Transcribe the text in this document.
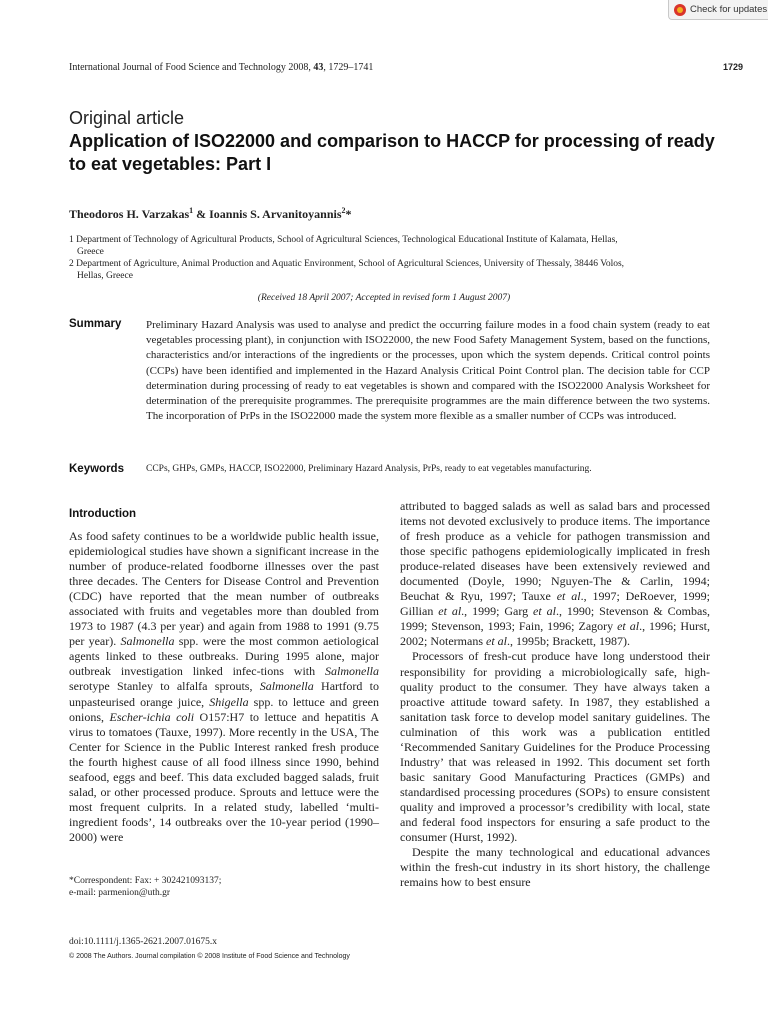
Check for updates
International Journal of Food Science and Technology 2008, 43, 1729–1741	1729
Original article
Application of ISO22000 and comparison to HACCP for processing of ready to eat vegetables: Part I
Theodoros H. Varzakas$^1$ & Ioannis S. Arvanitoyannis$^2$*
1 Department of Technology of Agricultural Products, School of Agricultural Sciences, Technological Educational Institute of Kalamata, Hellas,
Greece
2 Department of Agriculture, Animal Production and Aquatic Environment, School of Agricultural Sciences, University of Thessaly, 38446 Volos,
Hellas, Greece
(Received 18 April 2007; Accepted in revised form 1 August 2007)
Summary Preliminary Hazard Analysis was used to analyse and predict the occurring failure modes in a food chain system (ready to eat vegetables processing plant), in conjunction with ISO22000, the new Food Safety Management System, based on the functions, characteristics and/or interactions of the ingredients or the processes, upon which the system depends. Critical control points (CCPs) have been identified and implemented in the Hazard Analysis Critical Point Control plan. The decision table for CCP determination during processing of ready to eat vegetables is shown and compared with the ISO22000 Analysis Worksheet for determination of the prerequisite programmes. The prerequisite programmes are the main difference between the two systems. The incorporation of PrPs in the ISO22000 made the system more flexible as a smaller number of CCPs was introduced.
Keywords CCPs, GHPs, GMPs, HACCP, ISO22000, Preliminary Hazard Analysis, PrPs, ready to eat vegetables manufacturing.
Introduction

As food safety continues to be a worldwide public health issue, epidemiological studies have shown a significant increase in the number of produce-related foodborne illnesses over the past three decades. The Centers for Disease Control and Prevention (CDC) have reported that the mean number of outbreaks associated with fruits and vegetables more than doubled from 1973 to 1987 (4.3 per year) and again from 1988 to 1991 (9.75 per year). Salmonella spp. were the most common aetiological agents linked to these outbreaks. During 1995 alone, major outbreak investigation linked infec-tions with Salmonella serotype Stanley to alfalfa sprouts, Salmonella Hartford to unpasteurised orange juice, Shigella spp. to lettuce and green onions, Escher-ichia coli O157:H7 to lettuce and hepatitis A virus to tomatoes (Tauxe, 1997). More recently in the USA, The Center for Science in the Public Interest ranked fresh produce the fourth highest cause of all food illness since 1990, behind seafood, eggs and beef. This data excluded bagged salads, fruit salad, or other processed produce. Sprouts and lettuce were the most frequent culprits. In a related study, labelled ‘multi-ingredient foods’, 14 outbreaks over the 10-year period (1990–2000) were

attributed to bagged salads as well as salad bars and processed items not devoted exclusively to produce items. The importance of fresh produce as a vehicle for pathogen transmission and those specific pathogens epidemiologically implicated in fresh produce-related diseases have been extensively reviewed and documented (Doyle, 1990; Nguyen-The & Carlin, 1994; Beuchat & Ryu, 1997; Tauxe et al., 1997; DeRoever, 1999; Gillian et al., 1999; Garg et al., 1990; Stevenson & Combas, 1999; Stevenson, 1993; Fain, 1996; Zagory et al., 1996; Hurst, 2002; Notermans et al., 1995b; Brackett, 1987).

Processors of fresh-cut produce have long understood their responsibility for providing a microbiologically safe, high-quality product to the consumer. They have always taken a proactive attitude toward safety. In 1987, they established a sanitation task force to develop model sanitary guidelines. The culmination of this work was a publication entitled ‘Recommended Sanitary Guidelines for the Produce Processing Industry’ that was released in 1992. This document set forth basic sanitary Good Manufacturing Practices (GMPs) and standardised processing procedures (SOPs) to ensure consistent quality and improved a processor’s credibility with local, state and federal food inspectors for ensuring a safe product to the consumer (Hurst, 1992).

Despite the many technological and educational advances within the fresh-cut industry in its short history, the challenge remains how to best ensure

*Correspondent: Fax: + 302421093137;
e-mail: parmenion@uth.gr
doi:10.1111/j.1365-2621.2007.01675.x
© 2008 The Authors. Journal compilation © 2008 Institute of Food Science and Technology
